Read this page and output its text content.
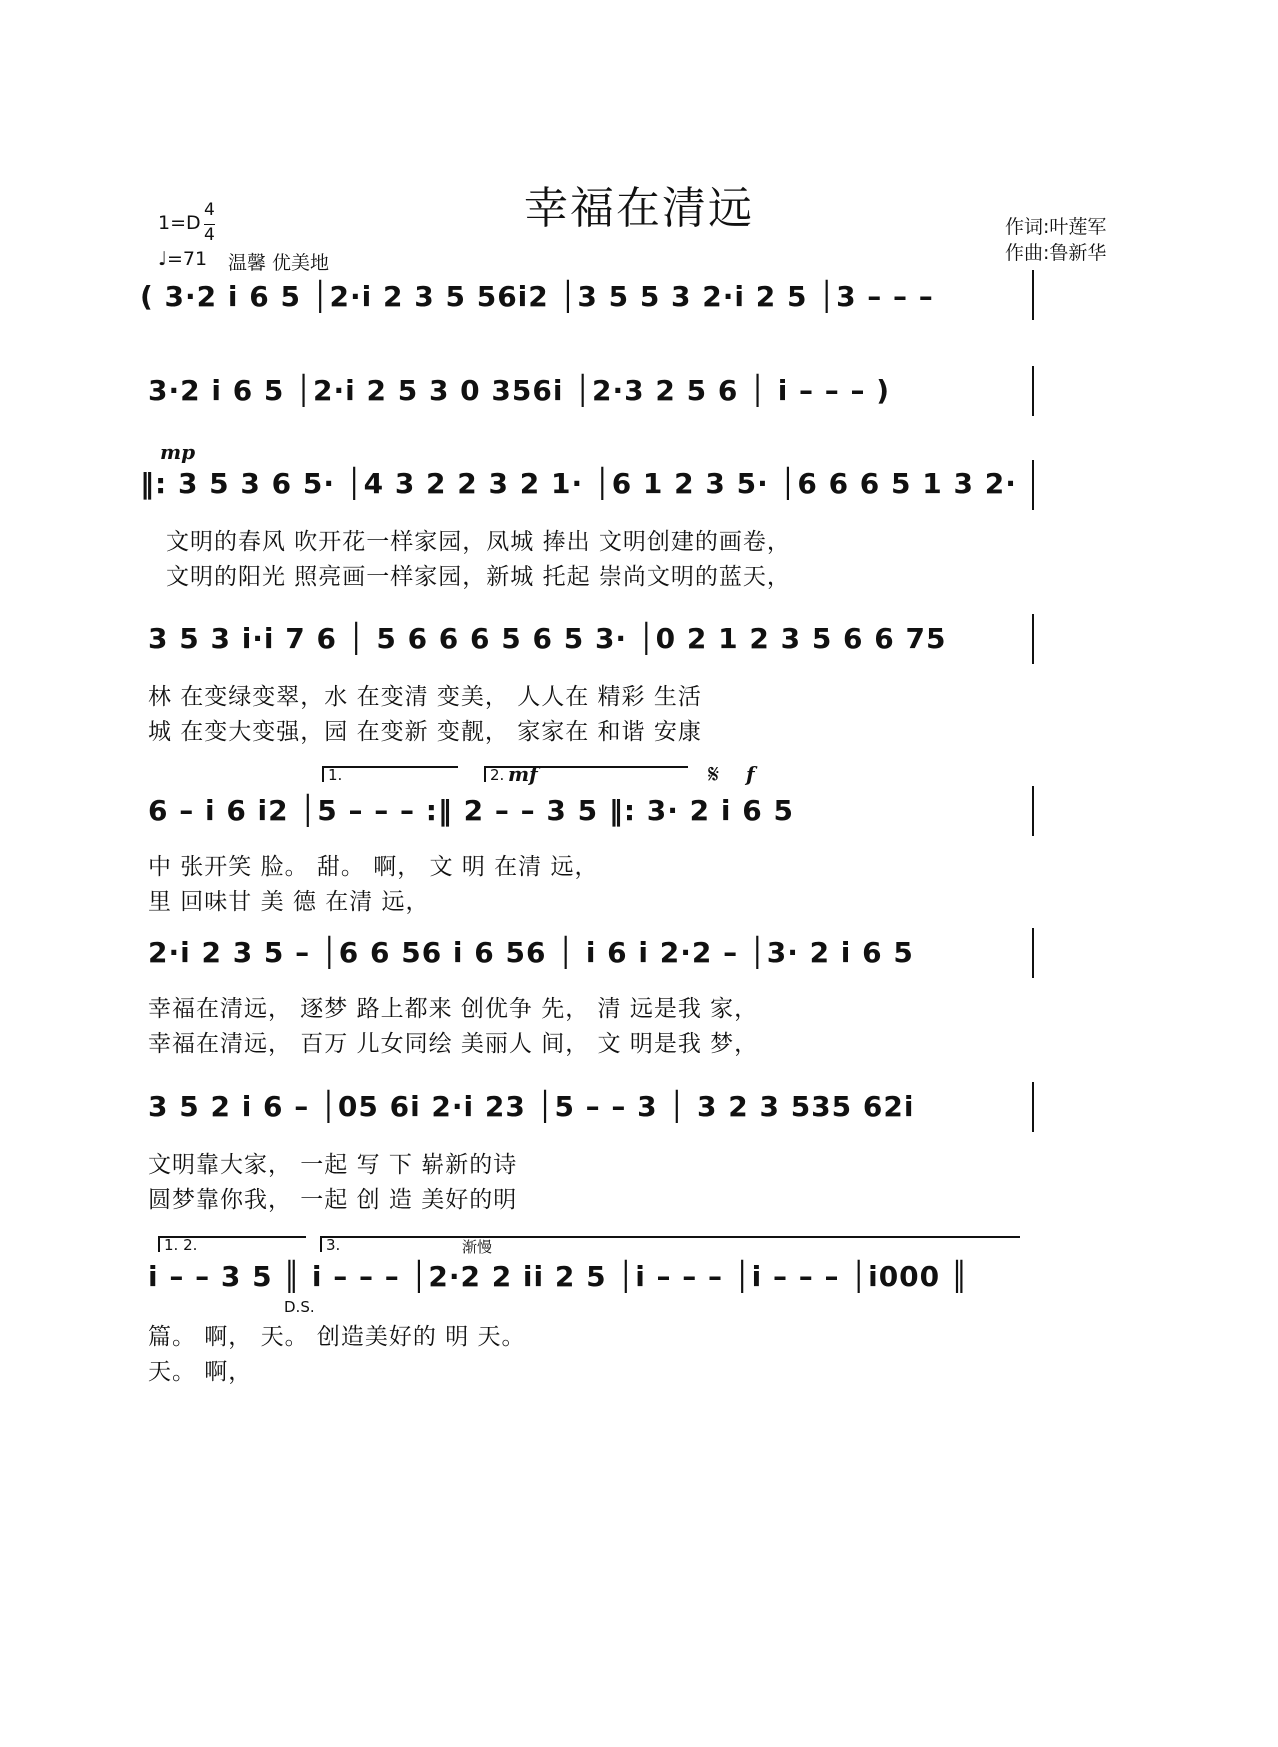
幸福在清远
1=D
4
4
♩=71 温馨 优美地
作词:叶莲军
作曲:鲁新华
( 3·2 i 6 5 │2·i 2 3 5 56i2 │3 5 5 3 2·i 2 5 │3 – – –
3·2 i 6 5 │2·i 2 5 3 0 356i │2·3 2 5 6 │ i – – – )
mp
‖: 3 5 3 6 5· │4 3 2 2 3 2 1· │6 1 2 3 5· │6 6 6 5 1 3 2·
文明的春风 吹开花一样家园，凤城 捧出 文明创建的画卷，
文明的阳光 照亮画一样家园，新城 托起 崇尚文明的蓝天，
3 5 3 i·i 7 6 │ 5 6 6 6 5 6 5 3· │0 2 1 2 3 5 6 6 75
林 在变绿变翠，水 在变清 变美， 人人在 精彩 生活
城 在变大变强，园 在变新 变靓， 家家在 和谐 安康
1.	2. mf	𝄋 f
6 – i 6 i2 │5 – – – :‖ 2 – – 3 5 ‖: 3· 2 i 6 5
中 张开笑 脸。 甜。 啊， 文 明 在清 远，
里 回味甘 美 德 在清 远，
2·i 2 3 5 – │6 6 56 i 6 56 │ i 6 i 2·2 – │3· 2 i 6 5
幸福在清远， 逐梦 路上都来 创优争 先， 清 远是我 家，
幸福在清远， 百万 儿女同绘 美丽人 间， 文 明是我 梦，
3 5 2 i 6 – │05 6i 2·i 23 │5 – – 3 │ 3 2 3 535 62i
文明靠大家， 一起 写 下 崭新的诗
圆梦靠你我， 一起 创 造 美好的明
1. 2.	3.	渐慢
i – – 3 5 ║ i – – – │2·2 2 ii 2 5 │i – – – │i – – – │i000 ║
D.S.
篇。 啊， 天。 创造美好的 明 天。
天。 啊，
